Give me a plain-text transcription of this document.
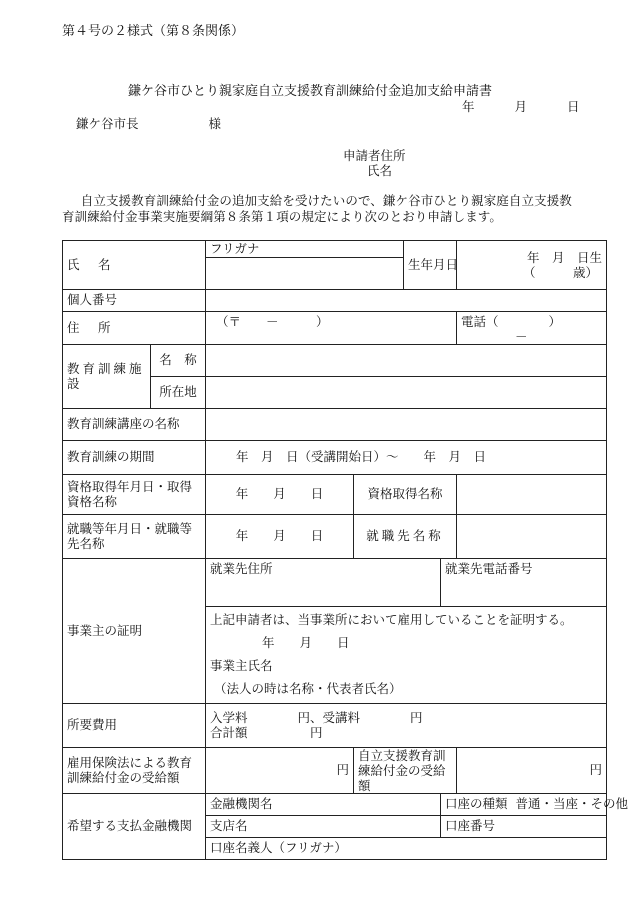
第４号の２様式（第８条関係）
鎌ケ谷市ひとり親家庭自立支援教育訓練給付金追加支給申請書
年	月	日
鎌ケ谷市長	様
申請者住所
氏名
自立支援教育訓練給付金の追加支給を受けたいので、鎌ケ谷市ひとり親家庭自立支援教育訓練給付金事業実施要綱第８条第１項の規定により次のとおり申請します。
氏　名		フリガナ		生年月日		年　月　日生
（　　　歳）

個人番号						
住　所		（〒　　－　　　）				電話（　　　　）
－

教育訓練施設	名　称					
	所在地					
教育訓練講座の名称						
教育訓練の期間		年　月　日（受講開始日）～　　年　月　日				
資格取得年月日・取得資格名称		年　　月　　日	資格取得名称			
就職等年月日・就職等先名称		年　　月　　日	就職先名称			
事業主の証明		就業先住所			就業先電話番号	

		上記申請者は、当事業所において雇用していることを証明する。
年　　月　　日
事業主氏名
（法人の時は名称・代表者氏名）				

所要費用		入学料　　　　円、受講料　　　　円
合計額　　　　　円				

雇用保険法による教育訓練給付金の受給額		円	自立支援教育訓練給付金の受給額			円
希望する支払金融機関		金融機関名			口座の種類 普通・当座・その他	
		支店名			口座番号	
		口座名義人（フリガナ）				
